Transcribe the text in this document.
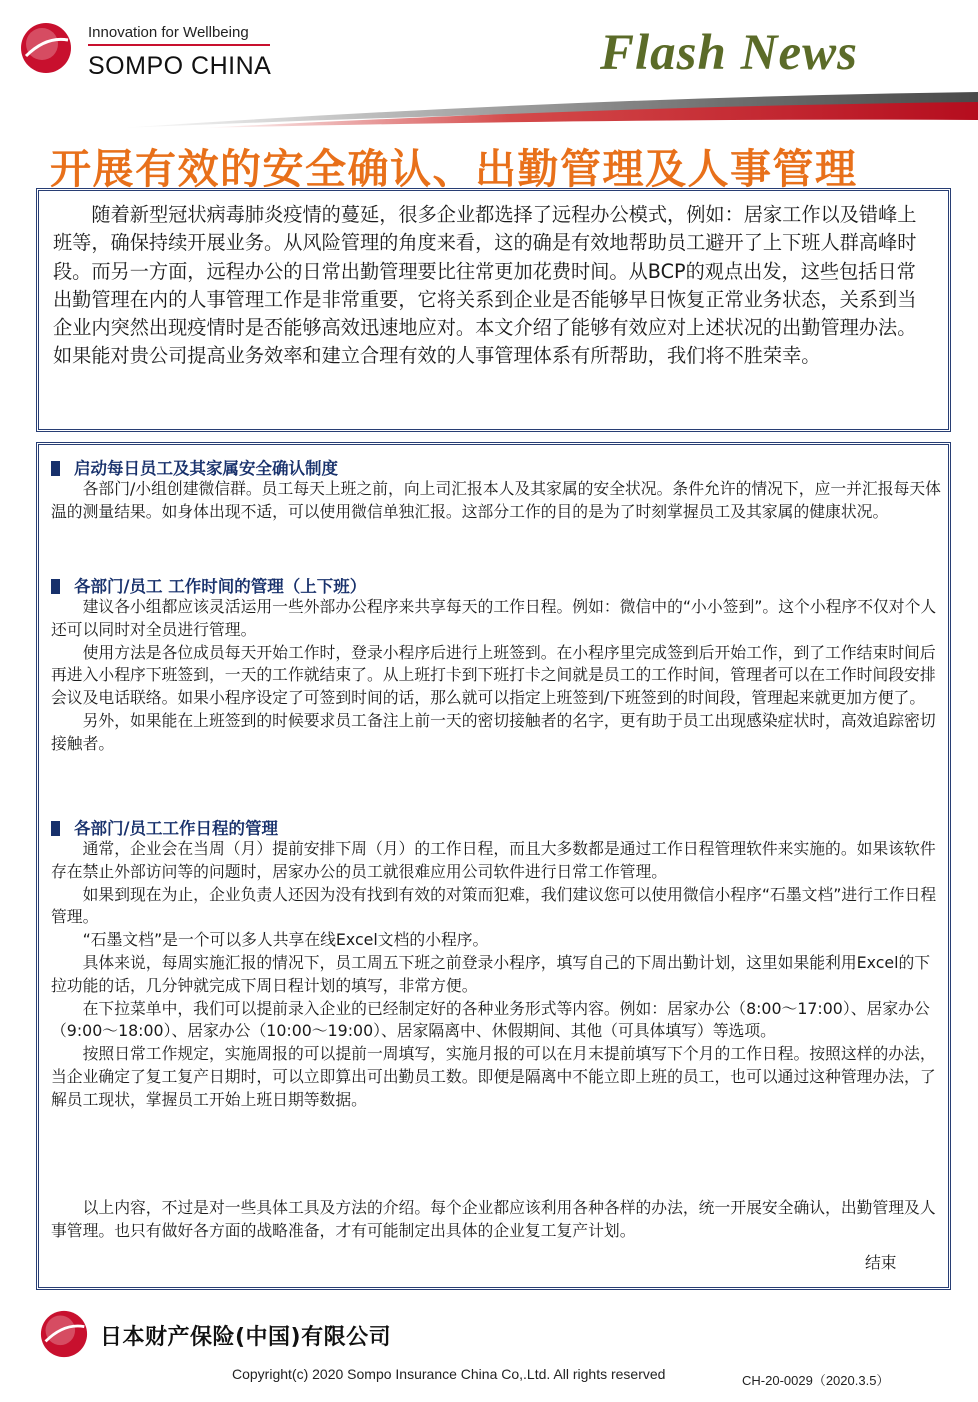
Innovation for Wellbeing
SOMPO CHINA	Flash News
开展有效的安全确认、出勤管理及人事管理

随着新型冠状病毒肺炎疫情的蔓延，很多企业都选择了远程办公模式，例如：居家工作以及错峰上班等，确保持续开展业务。从风险管理的角度来看，这的确是有效地帮助员工避开了上下班人群高峰时段。而另一方面，远程办公的日常出勤管理要比往常更加花费时间。从BCP的观点出发，这些包括日常出勤管理在内的人事管理工作是非常重要，它将关系到企业是否能够早日恢复正常业务状态，关系到当企业内突然出现疫情时是否能够高效迅速地应对。本文介绍了能够有效应对上述状况的出勤管理办法。如果能对贵公司提高业务效率和建立合理有效的人事管理体系有所帮助，我们将不胜荣幸。

启动每日员工及其家属安全确认制度

各部门/小组创建微信群。员工每天上班之前，向上司汇报本人及其家属的安全状况。条件允许的情况下，应一并汇报每天体温的测量结果。如身体出现不适，可以使用微信单独汇报。这部分工作的目的是为了时刻掌握员工及其家属的健康状况。

各部门/员工 工作时间的管理（上下班）

建议各小组都应该灵活运用一些外部办公程序来共享每天的工作日程。例如：微信中的“小小签到”。这个小程序不仅对个人还可以同时对全员进行管理。

使用方法是各位成员每天开始工作时，登录小程序后进行上班签到。在小程序里完成签到后开始工作，到了工作结束时间后再进入小程序下班签到，一天的工作就结束了。从上班打卡到下班打卡之间就是员工的工作时间，管理者可以在工作时间段安排会议及电话联络。如果小程序设定了可签到时间的话，那么就可以指定上班签到/下班签到的时间段，管理起来就更加方便了。

另外，如果能在上班签到的时候要求员工备注上前一天的密切接触者的名字，更有助于员工出现感染症状时，高效追踪密切接触者。

各部门/员工工作日程的管理

通常，企业会在当周（月）提前安排下周（月）的工作日程，而且大多数都是通过工作日程管理软件来实施的。如果该软件存在禁止外部访问等的问题时，居家办公的员工就很难应用公司软件进行日常工作管理。

如果到现在为止，企业负责人还因为没有找到有效的对策而犯难，我们建议您可以使用微信小程序“石墨文档”进行工作日程管理。

“石墨文档”是一个可以多人共享在线Excel文档的小程序。

具体来说，每周实施汇报的情况下，员工周五下班之前登录小程序，填写自己的下周出勤计划，这里如果能利用Excel的下拉功能的话，几分钟就完成下周日程计划的填写，非常方便。

在下拉菜单中，我们可以提前录入企业的已经制定好的各种业务形式等内容。例如：居家办公（8:00～17:00）、居家办公（9:00～18:00）、居家办公（10:00～19:00）、居家隔离中、休假期间、其他（可具体填写）等选项。

按照日常工作规定，实施周报的可以提前一周填写，实施月报的可以在月末提前填写下个月的工作日程。按照这样的办法，当企业确定了复工复产日期时，可以立即算出可出勤员工数。即便是隔离中不能立即上班的员工，也可以通过这种管理办法，了解员工现状，掌握员工开始上班日期等数据。

以上内容，不过是对一些具体工具及方法的介绍。每个企业都应该利用各种各样的办法，统一开展安全确认，出勤管理及人事管理。也只有做好各方面的战略准备，才有可能制定出具体的企业复工复产计划。

结束
日本财产保险(中国)有限公司
Copyright(c) 2020 Sompo Insurance China Co,.Ltd. All rights reserved	CH-20-0029（2020.3.5）
